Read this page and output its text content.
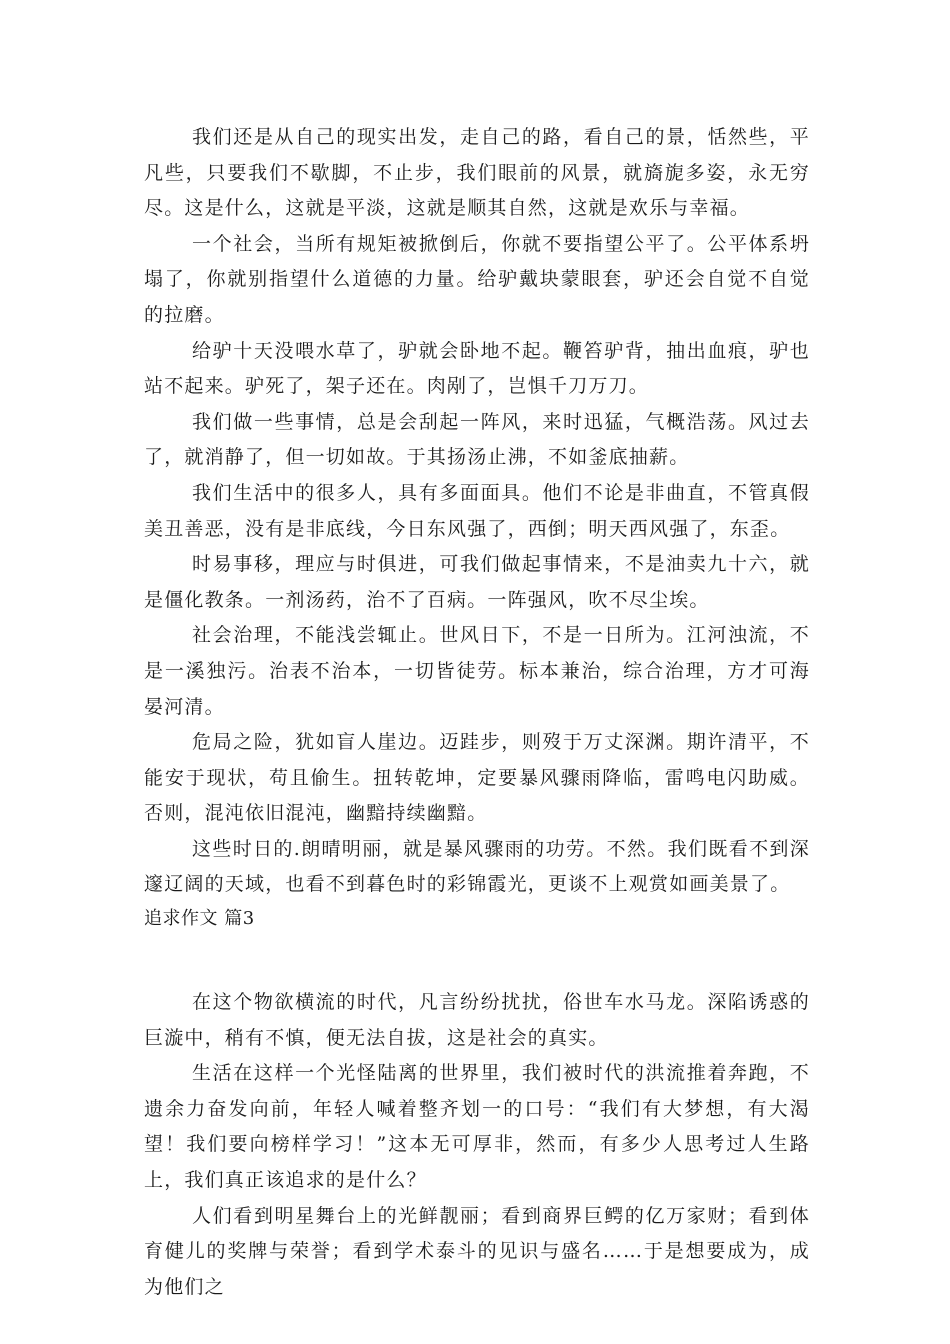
我们还是从自己的现实出发，走自己的路，看自己的景，恬然些，平凡些，只要我们不歇脚，不止步，我们眼前的风景，就旖旎多姿，永无穷尽。这是什么，这就是平淡，这就是顺其自然，这就是欢乐与幸福。

一个社会，当所有规矩被掀倒后，你就不要指望公平了。公平体系坍塌了，你就别指望什么道德的力量。给驴戴块蒙眼套，驴还会自觉不自觉的拉磨。

给驴十天没喂水草了，驴就会卧地不起。鞭笞驴背，抽出血痕，驴也站不起来。驴死了，架子还在。肉剐了，岂惧千刀万刀。

我们做一些事情，总是会刮起一阵风，来时迅猛，气概浩荡。风过去了，就消静了，但一切如故。于其扬汤止沸，不如釜底抽薪。

我们生活中的很多人，具有多面面具。他们不论是非曲直，不管真假美丑善恶，没有是非底线，今日东风强了，西倒；明天西风强了，东歪。

时易事移，理应与时俱进，可我们做起事情来，不是油卖九十六，就是僵化教条。一剂汤药，治不了百病。一阵强风，吹不尽尘埃。

社会治理，不能浅尝辄止。世风日下，不是一日所为。江河浊流，不是一溪独污。治表不治本，一切皆徒劳。标本兼治，综合治理，方才可海晏河清。

危局之险，犹如盲人崖边。迈跬步，则歿于万丈深渊。期许清平，不能安于现状，苟且偷生。扭转乾坤，定要暴风骤雨降临，雷鸣电闪助威。否则，混沌依旧混沌，幽黯持续幽黯。

这些时日的.朗晴明丽，就是暴风骤雨的功劳。不然。我们既看不到深邃辽阔的天域，也看不到暮色时的彩锦霞光，更谈不上观赏如画美景了。

追求作文 篇3

在这个物欲横流的时代，凡言纷纷扰扰，俗世车水马龙。深陷诱惑的巨漩中，稍有不慎，便无法自拔，这是社会的真实。

生活在这样一个光怪陆离的世界里，我们被时代的洪流推着奔跑，不遗余力奋发向前，年轻人喊着整齐划一的口号：“我们有大梦想，有大渴望！我们要向榜样学习！”这本无可厚非，然而，有多少人思考过人生路上，我们真正该追求的是什么？

人们看到明星舞台上的光鲜靓丽；看到商界巨鳄的亿万家财；看到体育健儿的奖牌与荣誉；看到学术泰斗的见识与盛名……于是想要成为，成为他们之
